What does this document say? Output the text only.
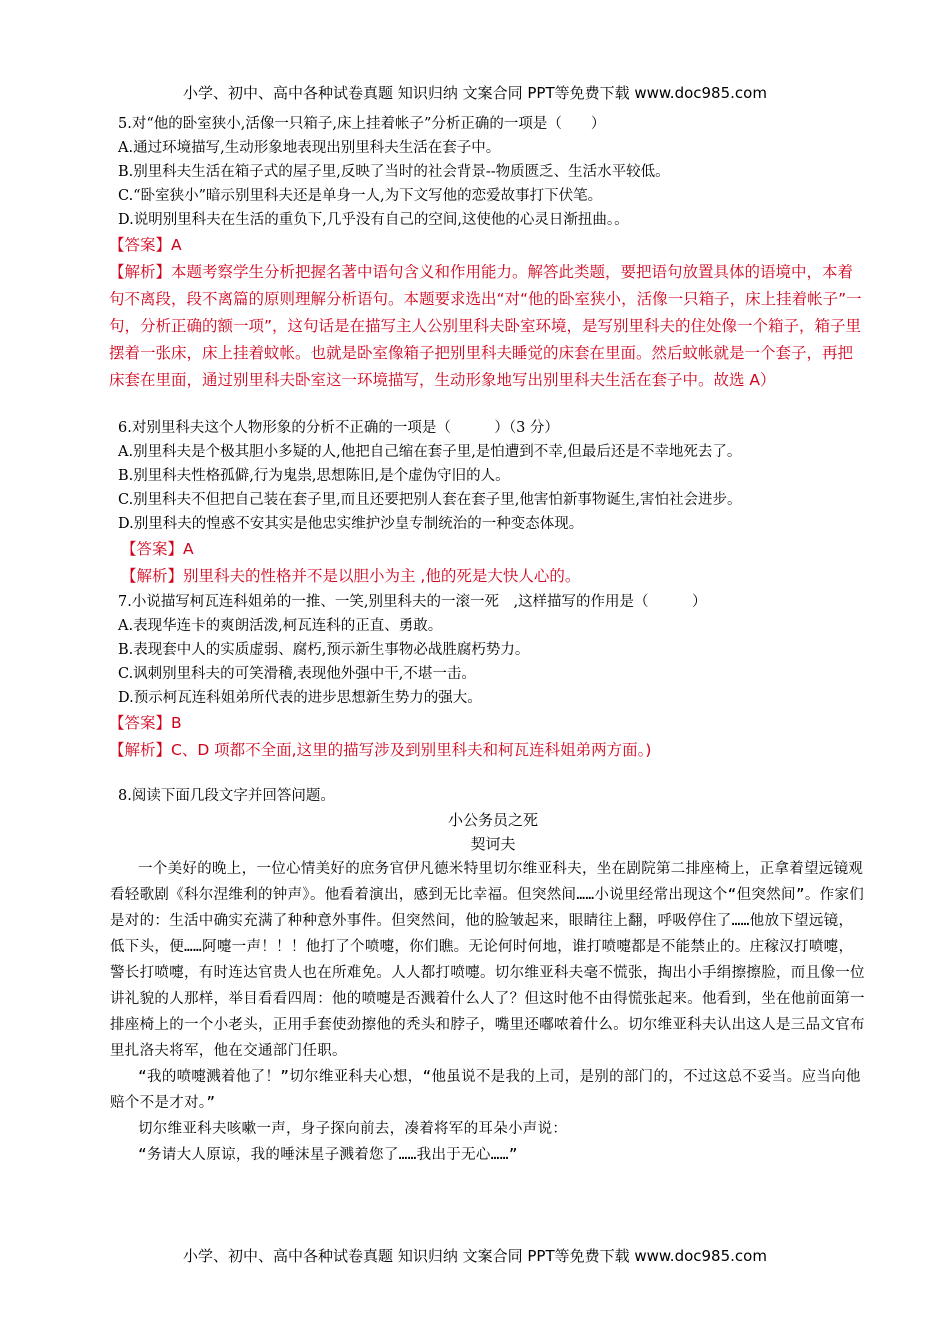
小学、初中、高中各种试卷真题 知识归纳 文案合同 PPT等免费下载 www.doc985.com

5.对“他的卧室狭小,活像一只箱子,床上挂着帐子”分析正确的一项是（　　）

A.通过环境描写,生动形象地表现出别里科夫生活在套子中。

B.别里科夫生活在箱子式的屋子里,反映了当时的社会背景--物质匮乏、生活水平较低。

C.“卧室狭小”暗示别里科夫还是单身一人,为下文写他的恋爱故事打下伏笔。

D.说明别里科夫在生活的重负下,几乎没有自己的空间,这使他的心灵日渐扭曲。。

【答案】A

【解析】本题考察学生分析把握名著中语句含义和作用能力。解答此类题，要把语句放置具体的语境中，本着句不离段，段不离篇的原则理解分析语句。本题要求选出“对“他的卧室狭小，活像一只箱子，床上挂着帐子”一句，分析正确的额一项”，这句话是在描写主人公别里科夫卧室环境，是写别里科夫的住处像一个箱子，箱子里摆着一张床，床上挂着蚊帐。也就是卧室像箱子把别里科夫睡觉的床套在里面。然后蚊帐就是一个套子，再把床套在里面，通过别里科夫卧室这一环境描写，生动形象地写出别里科夫生活在套子中。故选 A）

6.对别里科夫这个人物形象的分析不正确的一项是（　　　）（3 分）

A.别里科夫是个极其胆小多疑的人,他把自己缩在套子里,是怕遭到不幸,但最后还是不幸地死去了。

B.别里科夫性格孤僻,行为鬼祟,思想陈旧,是个虚伪守旧的人。

C.别里科夫不但把自己装在套子里,而且还要把别人套在套子里,他害怕新事物诞生,害怕社会进步。

D.别里科夫的惶惑不安其实是他忠实维护沙皇专制统治的一种变态体现。

【答案】A

【解析】别里科夫的性格并不是以胆小为主 ,他的死是大快人心的。

7.小说描写柯瓦连科姐弟的一推、一笑,别里科夫的一滚一死　,这样描写的作用是（　　　）

A.表现华连卡的爽朗活泼,柯瓦连科的正直、勇敢。

B.表现套中人的实质虚弱、腐朽,预示新生事物必战胜腐朽势力。

C.讽刺别里科夫的可笑滑稽,表现他外强中干,不堪一击。

D.预示柯瓦连科姐弟所代表的进步思想新生势力的强大。

【答案】B

【解析】C、D 项都不全面,这里的描写涉及到别里科夫和柯瓦连科姐弟两方面。)

8.阅读下面几段文字并回答问题。

小公务员之死

契诃夫

一个美好的晚上，一位心情美好的庶务官伊凡德米特里切尔维亚科夫，坐在剧院第二排座椅上，正拿着望远镜观看轻歌剧《科尔涅维利的钟声》。他看着演出，感到无比幸福。但突然间……小说里经常出现这个“但突然间”。作家们是对的：生活中确实充满了种种意外事件。但突然间，他的脸皱起来，眼睛往上翻，呼吸停住了……他放下望远镜，低下头，便……阿嚏一声！！！他打了个喷嚏，你们瞧。无论何时何地，谁打喷嚏都是不能禁止的。庄稼汉打喷嚏，警长打喷嚏，有时连达官贵人也在所难免。人人都打喷嚏。切尔维亚科夫毫不慌张，掏出小手绢擦擦脸，而且像一位讲礼貌的人那样，举目看看四周：他的喷嚏是否溅着什么人了？但这时他不由得慌张起来。他看到，坐在他前面第一排座椅上的一个小老头，正用手套使劲擦他的秃头和脖子，嘴里还嘟哝着什么。切尔维亚科夫认出这人是三品文官布里扎洛夫将军，他在交通部门任职。

“我的喷嚏溅着他了！”切尔维亚科夫心想，“他虽说不是我的上司，是别的部门的，不过这总不妥当。应当向他赔个不是才对。”

切尔维亚科夫咳嗽一声，身子探向前去，凑着将军的耳朵小声说：

“务请大人原谅，我的唾沫星子溅着您了……我出于无心……”

小学、初中、高中各种试卷真题 知识归纳 文案合同 PPT等免费下载 www.doc985.com
